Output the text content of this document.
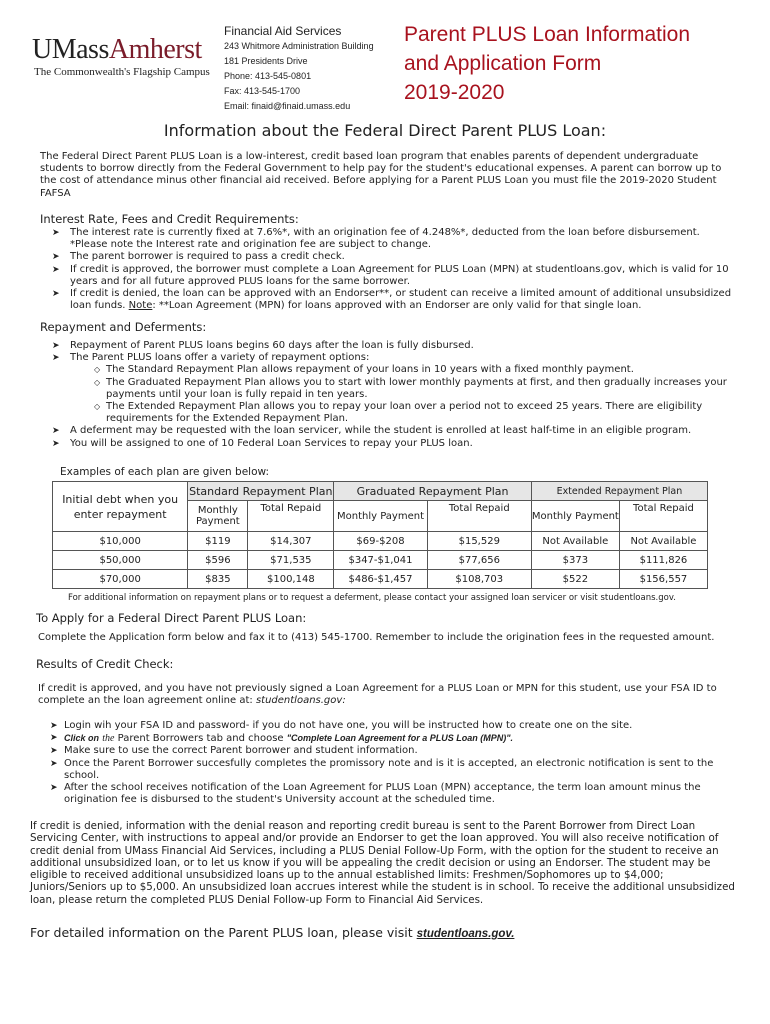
UMassAmherst
The Commonwealth's Flagship Campus
Financial Aid Services
243 Whitmore Administration Building
181 Presidents Drive
Phone: 413-545-0801
Fax: 413-545-1700
Email: finaid@finaid.umass.edu
Parent PLUS Loan Information
and Application Form
2019-2020
Information about the Federal Direct Parent PLUS Loan:
The Federal Direct Parent PLUS Loan is a low-interest, credit based loan program that enables parents of dependent undergraduate students to borrow directly from the Federal Government to help pay for the student's educational expenses. A parent can borrow up to the cost of attendance minus other financial aid received. Before applying for a Parent PLUS Loan you must file the 2019-2020 Student FAFSA
Interest Rate, Fees and Credit Requirements:
➤ The interest rate is currently fixed at 7.6%*, with an origination fee of 4.248%*, deducted from the loan before disbursement. *Please note the Interest rate and origination fee are subject to change.
➤ The parent borrower is required to pass a credit check.
➤ If credit is approved, the borrower must complete a Loan Agreement for PLUS Loan (MPN) at studentloans.gov, which is valid for 10 years and for all future approved PLUS loans for the same borrower.
➤ If credit is denied, the loan can be approved with an Endorser**, or student can receive a limited amount of additional unsubsidized loan funds. Note: **Loan Agreement (MPN) for loans approved with an Endorser are only valid for that single loan.
Repayment and Deferments:
➤ Repayment of Parent PLUS loans begins 60 days after the loan is fully disbursed.
➤ The Parent PLUS loans offer a variety of repayment options:
◇ The Standard Repayment Plan allows repayment of your loans in 10 years with a fixed monthly payment.
◇ The Graduated Repayment Plan allows you to start with lower monthly payments at first, and then gradually increases your payments until your loan is fully repaid in ten years.
◇ The Extended Repayment Plan allows you to repay your loan over a period not to exceed 25 years. There are eligibility requirements for the Extended Repayment Plan.
➤ A deferment may be requested with the loan servicer, while the student is enrolled at least half-time in an eligible program.
➤ You will be assigned to one of 10 Federal Loan Services to repay your PLUS loan.
Examples of each plan are given below:
Initial debt when you enter repayment	Standard Repayment Plan		Graduated Repayment Plan		Extended Repayment Plan	
	Monthly Payment	Total Repaid	Monthly Payment	Total Repaid	Monthly Payment	Total Repaid
$10,000	$119	$14,307	$69-$208	$15,529	Not Available	Not Available
$50,000	$596	$71,535	$347-$1,041	$77,656	$373	$111,826
$70,000	$835	$100,148	$486-$1,457	$108,703	$522	$156,557
For additional information on repayment plans or to request a deferment, please contact your assigned loan servicer or visit studentloans.gov.
To Apply for a Federal Direct Parent PLUS Loan:
Complete the Application form below and fax it to (413) 545-1700. Remember to include the origination fees in the requested amount.
Results of Credit Check:
If credit is approved, and you have not previously signed a Loan Agreement for a PLUS Loan or MPN for this student, use your FSA ID to complete an the loan agreement online at: studentloans.gov:
➤ Login wih your FSA ID and password- if you do not have one, you will be instructed how to create one on the site.
➤ Click on the Parent Borrowers tab and choose "Complete Loan Agreement for a PLUS Loan (MPN)".
➤ Make sure to use the correct Parent borrower and student information.
➤ Once the Parent Borrower succesfully completes the promissory note and is it is accepted, an electronic notification is sent to the school.
➤ After the school receives notification of the Loan Agreement for PLUS Loan (MPN) acceptance, the term loan amount minus the origination fee is disbursed to the student's University account at the scheduled time.
If credit is denied, information with the denial reason and reporting credit bureau is sent to the Parent Borrower from Direct Loan Servicing Center, with instructions to appeal and/or provide an Endorser to get the loan approved. You will also receive notification of credit denial from UMass Financial Aid Services, including a PLUS Denial Follow-Up Form, with the option for the student to receive an additional unsubsidized loan, or to let us know if you will be appealing the credit decision or using an Endorser. The student may be eligible to received additional unsubsidized loans up to the annual established limits: Freshmen/Sophomores up to $4,000; Juniors/Seniors up to $5,000. An unsubsidized loan accrues interest while the student is in school. To receive the additional unsubsidized loan, please return the completed PLUS Denial Follow-up Form to Financial Aid Services.
For detailed information on the Parent PLUS loan, please visit studentloans.gov.
